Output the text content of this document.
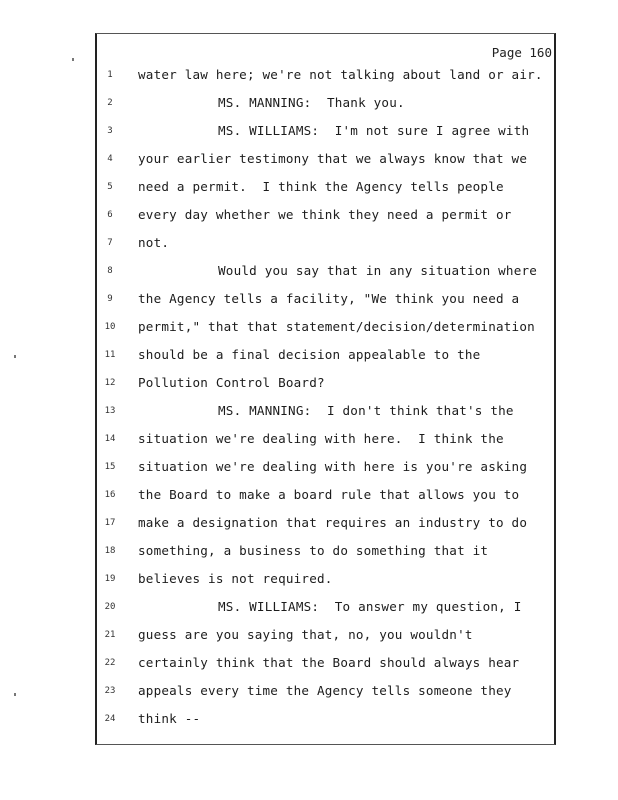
Page 160
1	water law here; we're not talking about land or air.
2	MS. MANNING:  Thank you.
3	MS. WILLIAMS:  I'm not sure I agree with
4	your earlier testimony that we always know that we
5	need a permit.  I think the Agency tells people
6	every day whether we think they need a permit or
7	not.
8	Would you say that in any situation where
9	the Agency tells a facility, "We think you need a
10	permit," that that statement/decision/determination
11	should be a final decision appealable to the
12	Pollution Control Board?
13	MS. MANNING:  I don't think that's the
14	situation we're dealing with here.  I think the
15	situation we're dealing with here is you're asking
16	the Board to make a board rule that allows you to
17	make a designation that requires an industry to do
18	something, a business to do something that it
19	believes is not required.
20	MS. WILLIAMS:  To answer my question, I
21	guess are you saying that, no, you wouldn't
22	certainly think that the Board should always hear
23	appeals every time the Agency tells someone they
24	think --
